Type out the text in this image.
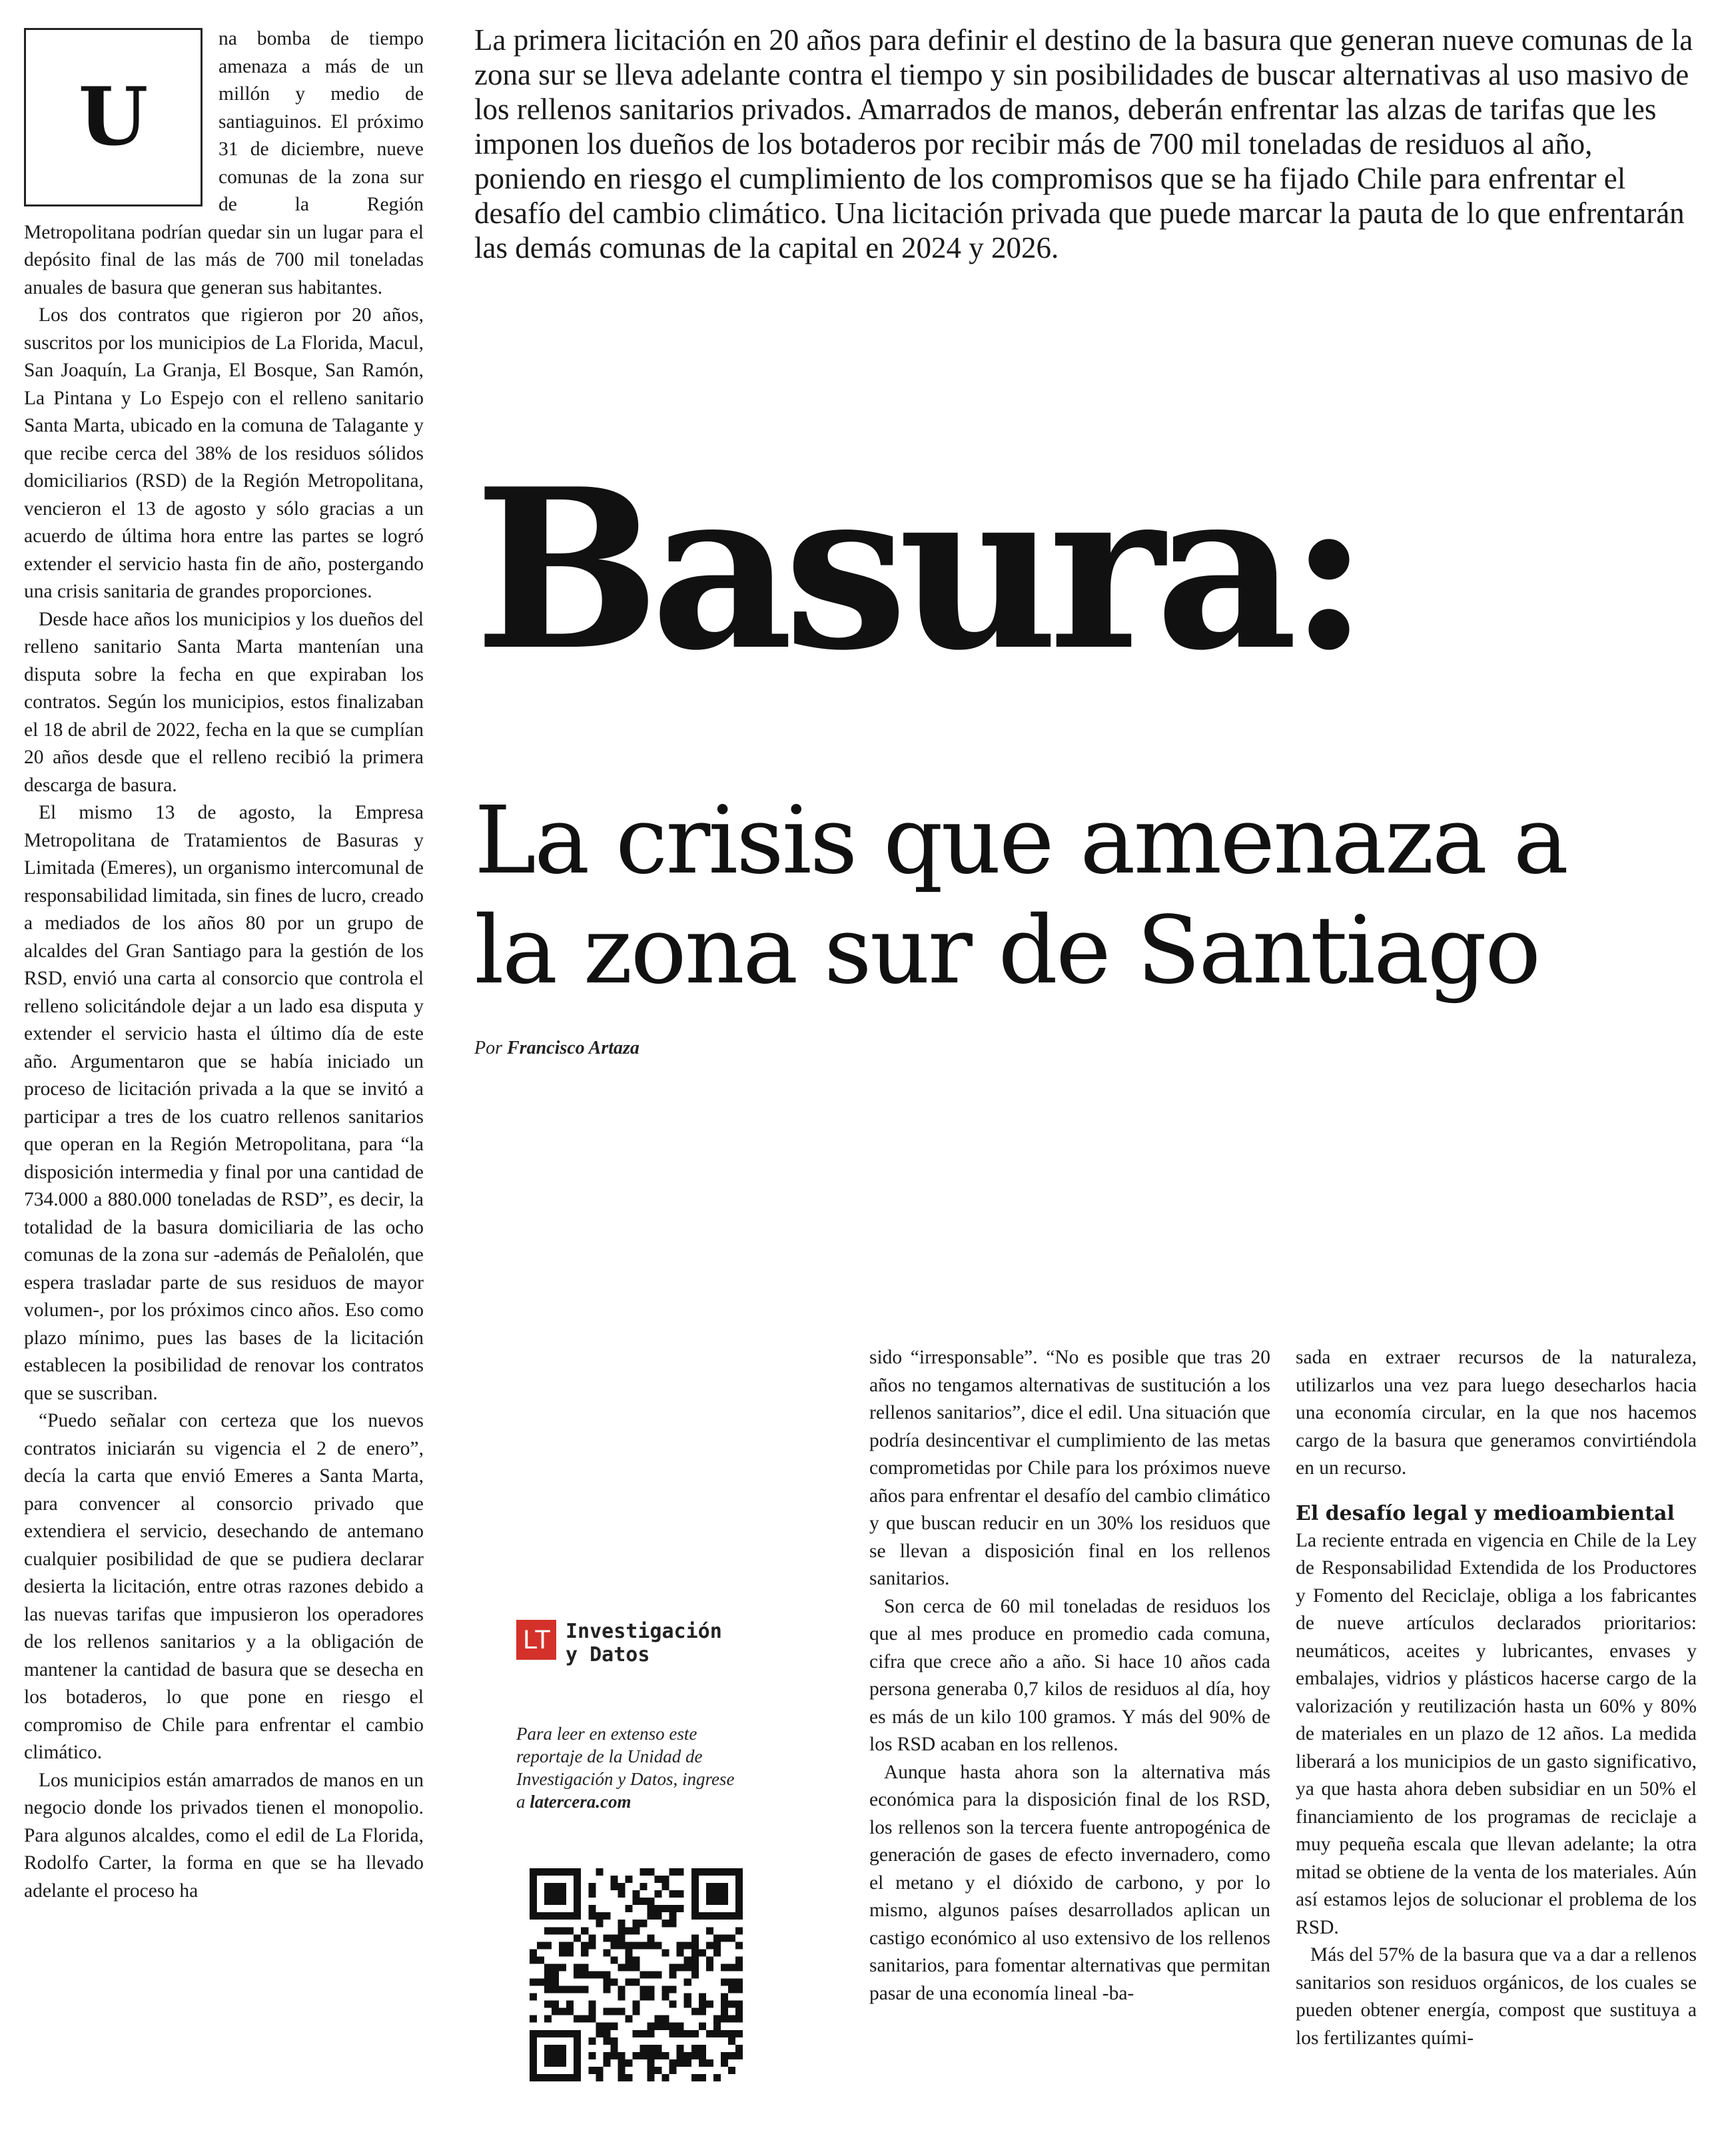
La primera licitación en 20 años para definir el destino de la basura que generan nueve comunas de la zona sur se lleva adelante contra el tiempo y sin posibilidades de buscar alternativas al uso masivo de los rellenos sanitarios privados. Amarrados de manos, deberán enfrentar las alzas de tarifas que les imponen los dueños de los botaderos por recibir más de 700 mil toneladas de residuos al año, poniendo en riesgo el cumplimiento de los compromisos que se ha fijado Chile para enfrentar el desafío del cambio climático. Una licitación privada que puede marcar la pauta de lo que enfrentarán las demás comunas de la capital en 2024 y 2026.

U
na bomba de tiempo amenaza a más de un millón y medio de santiaguinos. El próximo 31 de diciembre, nueve comunas de la zona sur de la Región Metropolitana podrían quedar sin un lugar para el depósito final de las más de 700 mil toneladas anuales de basura que generan sus habitantes.

Los dos contratos que rigieron por 20 años, suscritos por los municipios de La Florida, Macul, San Joaquín, La Granja, El Bosque, San Ramón, La Pintana y Lo Espejo con el relleno sanitario Santa Marta, ubicado en la comuna de Talagante y que recibe cerca del 38% de los residuos sólidos domiciliarios (RSD) de la Región Metropolitana, vencieron el 13 de agosto y sólo gracias a un acuerdo de última hora entre las partes se logró extender el servicio hasta fin de año, postergando una crisis sanitaria de grandes proporciones.

Desde hace años los municipios y los dueños del relleno sanitario Santa Marta mantenían una disputa sobre la fecha en que expiraban los contratos. Según los municipios, estos finalizaban el 18 de abril de 2022, fecha en la que se cumplían 20 años desde que el relleno recibió la primera descarga de basura.

El mismo 13 de agosto, la Empresa Metropolitana de Tratamientos de Basuras y Limitada (Emeres), un organismo intercomunal de responsabilidad limitada, sin fines de lucro, creado a mediados de los años 80 por un grupo de alcaldes del Gran Santiago para la gestión de los RSD, envió una carta al consorcio que controla el relleno solicitándole dejar a un lado esa disputa y extender el servicio hasta el último día de este año. Argumentaron que se había iniciado un proceso de licitación privada a la que se invitó a participar a tres de los cuatro rellenos sanitarios que operan en la Región Metropolitana, para “la disposición intermedia y final por una cantidad de 734.000 a 880.000 toneladas de RSD”, es decir, la totalidad de la basura domiciliaria de las ocho comunas de la zona sur -además de Peñalolén, que espera trasladar parte de sus residuos de mayor volumen-, por los próximos cinco años. Eso como plazo mínimo, pues las bases de la licitación establecen la posibilidad de renovar los contratos que se suscriban.

“Puedo señalar con certeza que los nuevos contratos iniciarán su vigencia el 2 de enero”, decía la carta que envió Emeres a Santa Marta, para convencer al consorcio privado que extendiera el servicio, desechando de antemano cualquier posibilidad de que se pudiera declarar desierta la licitación, entre otras razones debido a las nuevas tarifas que impusieron los operadores de los rellenos sanitarios y a la obligación de mantener la cantidad de basura que se desecha en los botaderos, lo que pone en riesgo el compromiso de Chile para enfrentar el cambio climático.

Los municipios están amarrados de manos en un negocio donde los privados tienen el monopolio. Para algunos alcaldes, como el edil de La Florida, Rodolfo Carter, la forma en que se ha llevado adelante el proceso ha

Basura:
La crisis que amenaza a la zona sur de Santiago
Por Francisco Artaza
LT Investigación
y Datos
Para leer en extenso este reportaje de la Unidad de Investigación y Datos, ingrese a latercera.com

sido “irresponsable”. “No es posible que tras 20 años no tengamos alternativas de sustitución a los rellenos sanitarios”, dice el edil. Una situación que podría desincentivar el cumplimiento de las metas comprometidas por Chile para los próximos nueve años para enfrentar el desafío del cambio climático y que buscan reducir en un 30% los residuos que se llevan a disposición final en los rellenos sanitarios.

Son cerca de 60 mil toneladas de residuos los que al mes produce en promedio cada comuna, cifra que crece año a año. Si hace 10 años cada persona generaba 0,7 kilos de residuos al día, hoy es más de un kilo 100 gramos. Y más del 90% de los RSD acaban en los rellenos.

Aunque hasta ahora son la alternativa más económica para la disposición final de los RSD, los rellenos son la tercera fuente antropogénica de generación de gases de efecto invernadero, como el metano y el dióxido de carbono, y por lo mismo, algunos países desarrollados aplican un castigo económico al uso extensivo de los rellenos sanitarios, para fomentar alternativas que permitan pasar de una economía lineal -ba-

sada en extraer recursos de la naturaleza, utilizarlos una vez para luego desecharlos hacia una economía circular, en la que nos hacemos cargo de la basura que generamos convirtiéndola en un recurso.

El desafío legal y medioambiental

La reciente entrada en vigencia en Chile de la Ley de Responsabilidad Extendida de los Productores y Fomento del Reciclaje, obliga a los fabricantes de nueve artículos declarados prioritarios: neumáticos, aceites y lubricantes, envases y embalajes, vidrios y plásticos hacerse cargo de la valorización y reutilización hasta un 60% y 80% de materiales en un plazo de 12 años. La medida liberará a los municipios de un gasto significativo, ya que hasta ahora deben subsidiar en un 50% el financiamiento de los programas de reciclaje a muy pequeña escala que llevan adelante; la otra mitad se obtiene de la venta de los materiales. Aún así estamos lejos de solucionar el problema de los RSD.

Más del 57% de la basura que va a dar a rellenos sanitarios son residuos orgánicos, de los cuales se pueden obtener energía, compost que sustituya a los fertilizantes quími-
